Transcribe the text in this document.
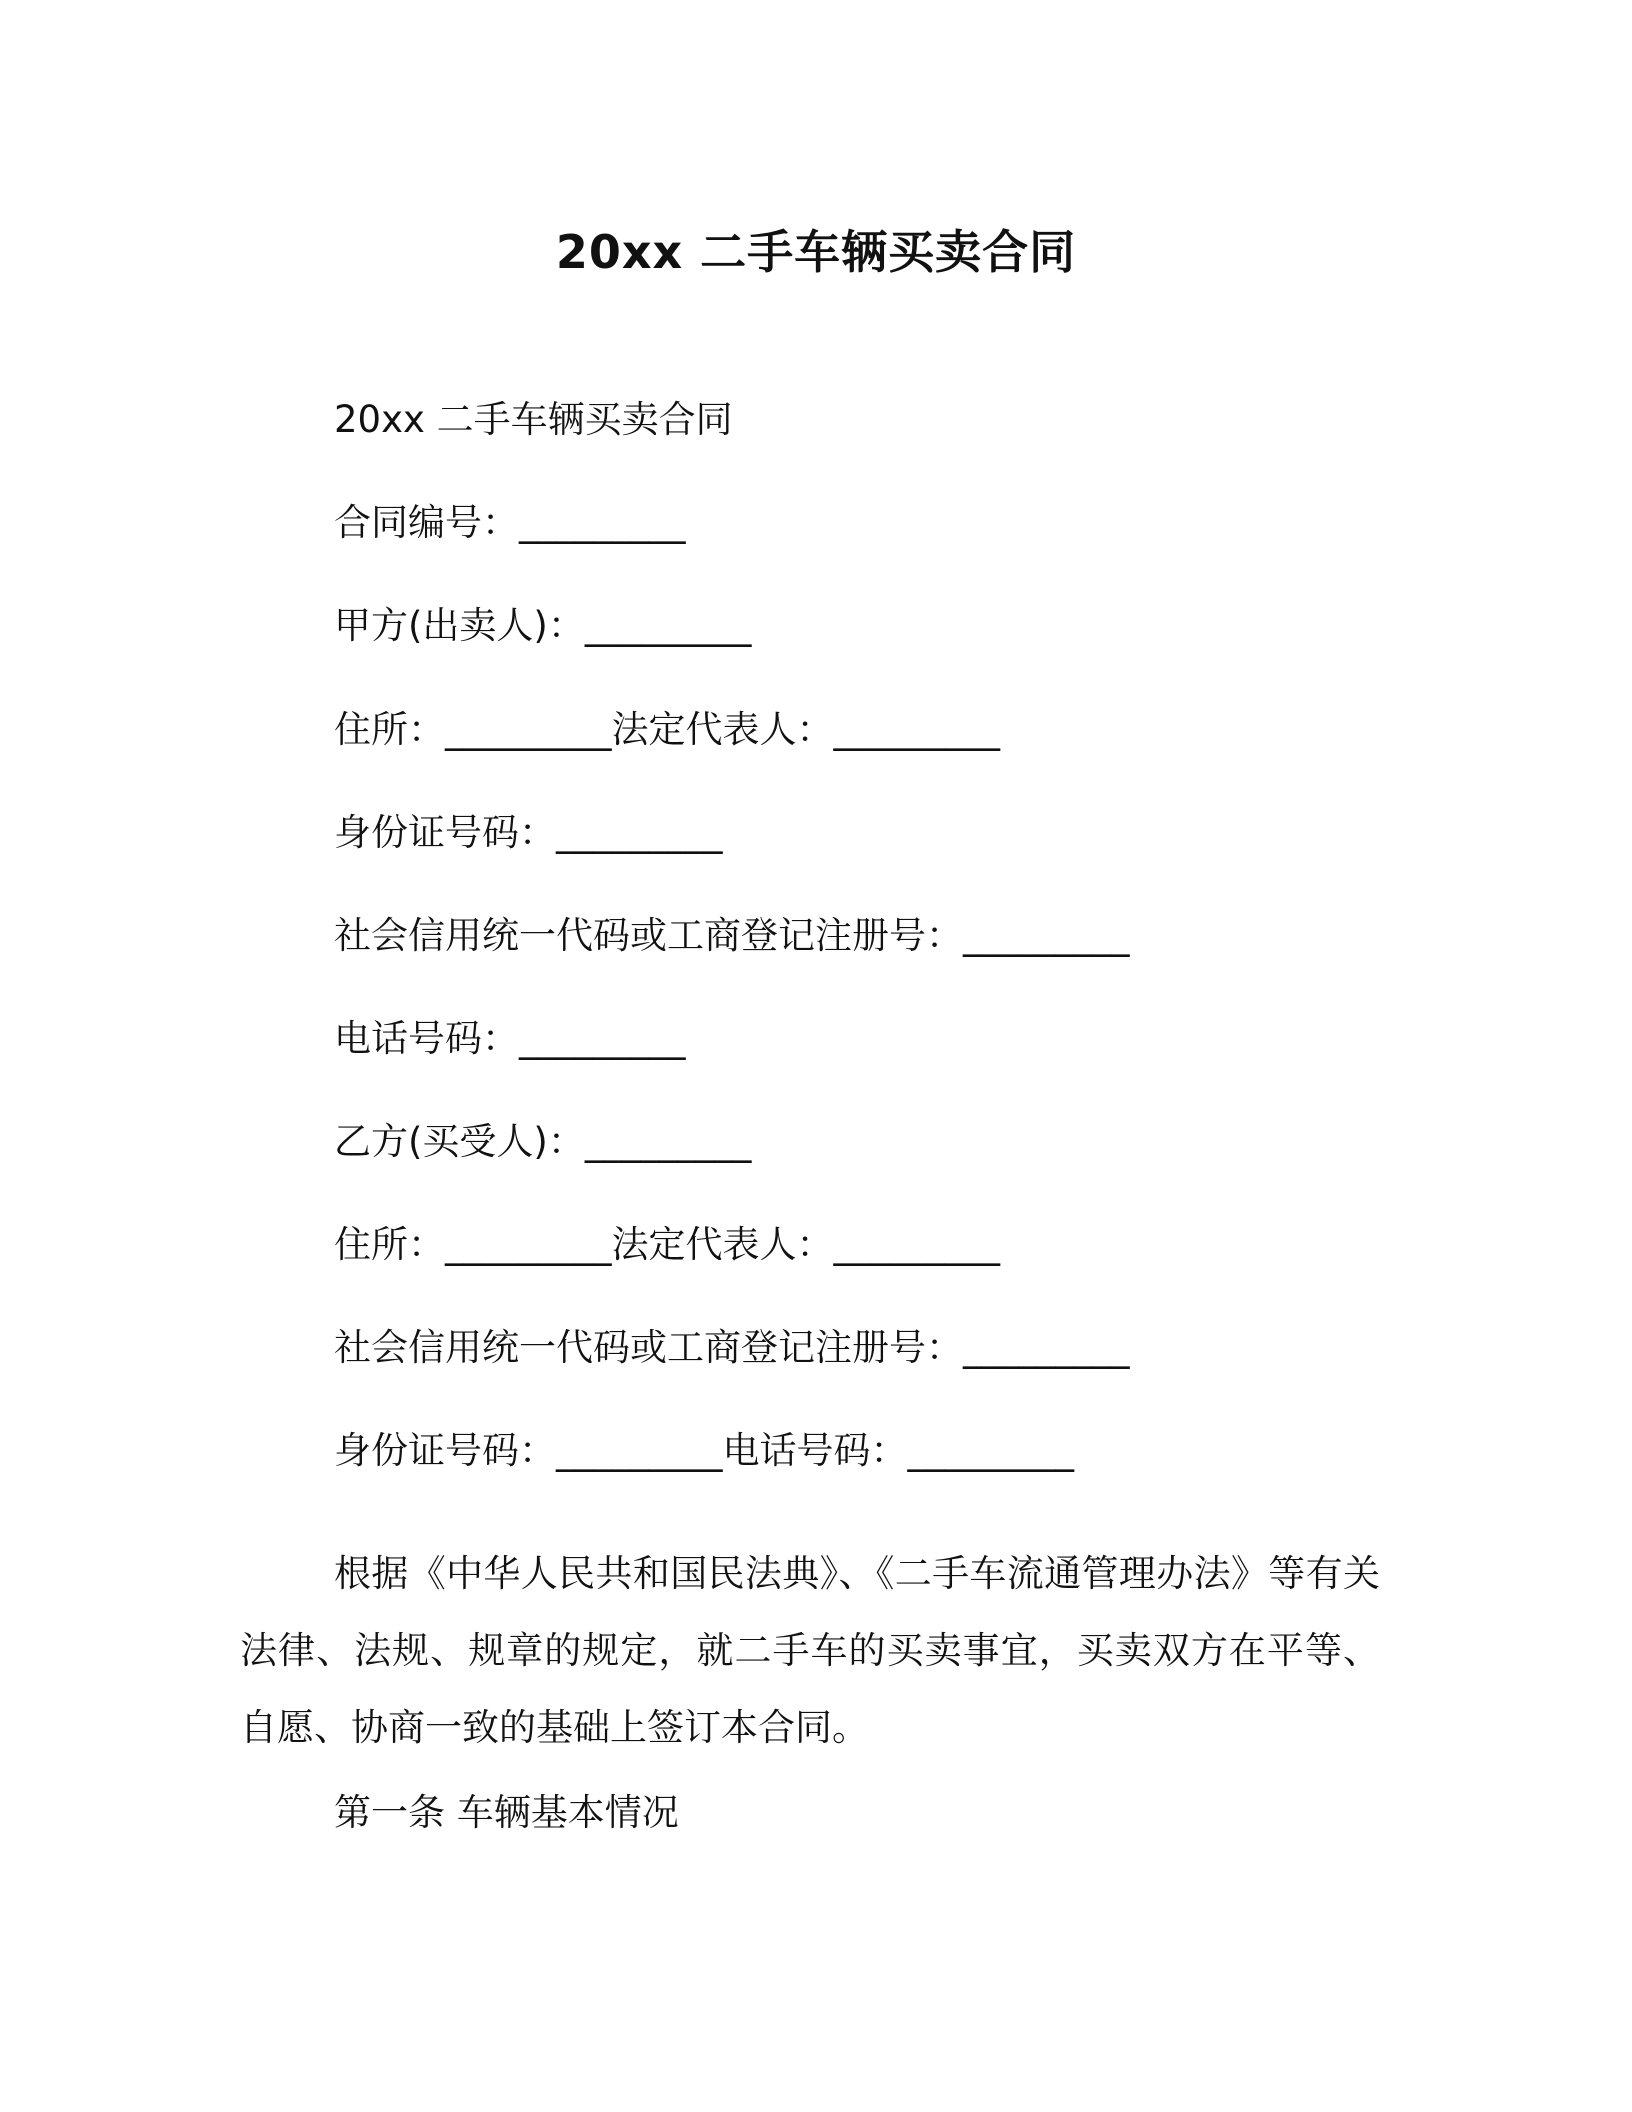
20xx 二手车辆买卖合同
20xx 二手车辆买卖合同
合同编号：_________
甲方(出卖人)：_________
住所：_________法定代表人：_________
身份证号码：_________
社会信用统一代码或工商登记注册号：_________
电话号码：_________
乙方(买受人)：_________
住所：_________法定代表人：_________
社会信用统一代码或工商登记注册号：_________
身份证号码：_________电话号码：_________
根据《中华人民共和国民法典》、《二手车流通管理办法》等有关法律、法规、规章的规定，就二手车的买卖事宜，买卖双方在平等、自愿、协商一致的基础上签订本合同。
第一条 车辆基本情况
